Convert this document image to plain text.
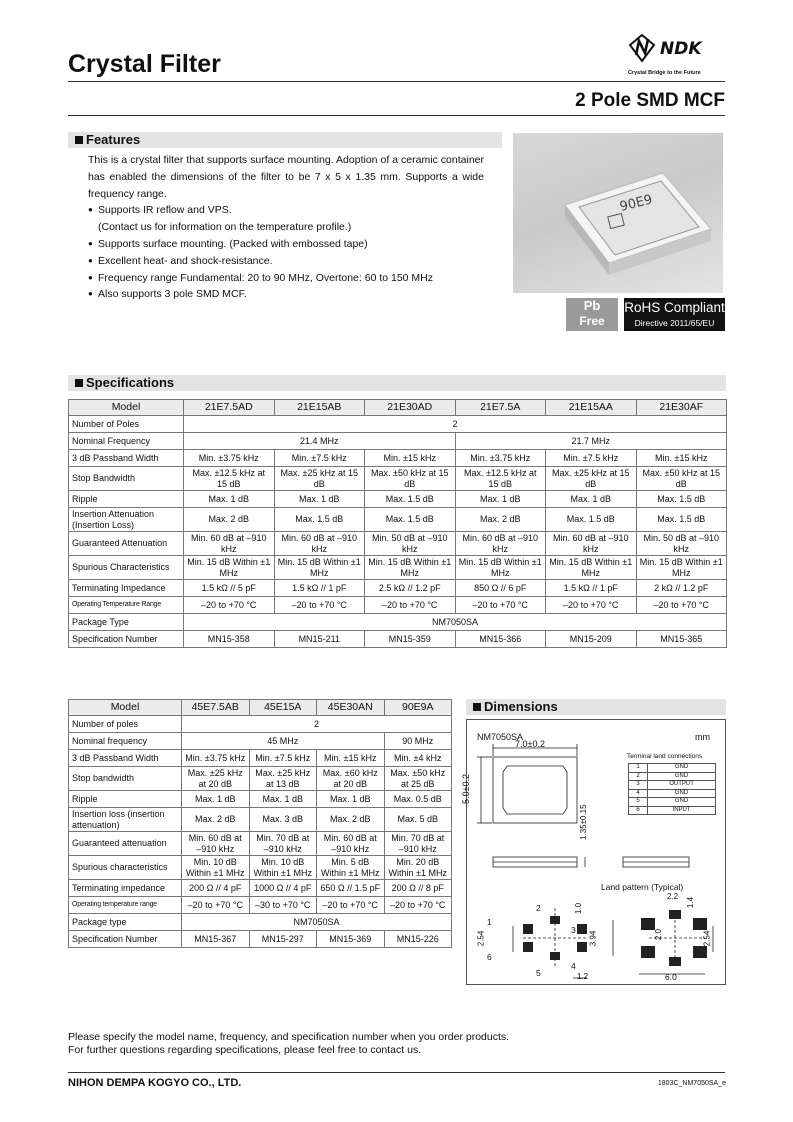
Crystal Filter
NDK
Crystal Bridge to the Future
2 Pole SMD MCF
Features

This is a crystal filter that supports surface mounting. Adoption of a ceramic container has enabled the dimensions of the filter to be 7 x 5 x 1.35 mm. Supports a wide frequency range.

● Supports IR reflow and VPS.
(Contact us for information on the temperature profile.)
● Supports surface mounting. (Packed with embossed tape)
● Excellent heat- and shock-resistance.
● Frequency range Fundamental: 20 to 90 MHz, Overtone: 60 to 150 MHz
● Also supports 3 pole SMD MCF.
90E9
Pb
Free
RoHS Compliant
Directive 2011/65/EU
Specifications
Model	21E7.5AD	21E15AB	21E30AD	21E7.5A	21E15AA	21E30AF
Number of Poles	2					
Nominal Frequency	21.4 MHz			21.7 MHz		
3 dB Passband Width	Min. ±3.75 kHz	Min. ±7.5 kHz	Min. ±15 kHz	Min. ±3.75 kHz	Min. ±7.5 kHz	Min. ±15 kHz
Stop Bandwidth	Max. ±12.5 kHz at 15 dB	Max. ±25 kHz at 15 dB	Max. ±50 kHz at 15 dB	Max. ±12.5 kHz at 15 dB	Max. ±25 kHz at 15 dB	Max. ±50 kHz at 15 dB
Ripple	Max. 1 dB	Max. 1 dB	Max. 1.5 dB	Max. 1 dB	Max. 1 dB	Max. 1.5 dB
Insertion Attenuation (Insertion Loss)	Max. 2 dB	Max. 1.5 dB	Max. 1.5 dB	Max. 2 dB	Max. 1.5 dB	Max. 1.5 dB
Guaranteed Attenuation	Min. 60 dB at –910 kHz	Min. 60 dB at –910 kHz	Min. 50 dB at –910 kHz	Min. 60 dB at –910 kHz	Min. 60 dB at –910 kHz	Min. 50 dB at –910 kHz
Spurious Characteristics	Min. 15 dB Within ±1 MHz	Min. 15 dB Within ±1 MHz	Min. 15 dB Within ±1 MHz	Min. 15 dB Within ±1 MHz	Min. 15 dB Within ±1 MHz	Min. 15 dB Within ±1 MHz
Terminating Impedance	1.5 kΩ // 5 pF	1.5 kΩ // 1 pF	2.5 kΩ // 1.2 pF	850 Ω // 6 pF	1.5 kΩ // 1 pF	2 kΩ // 1.2 pF
Operating Temperature Range	–20 to +70 °C	–20 to +70 °C	–20 to +70 °C	–20 to +70 °C	–20 to +70 °C	–20 to +70 °C
Package Type	NM7050SA					
Specification Number	MN15-358	MN15-211	MN15-359	MN15-366	MN15-209	MN15-365
Model	45E7.5AB	45E15A	45E30AN	90E9A
Number of poles	2			
Nominal frequency	45 MHz			90 MHz
3 dB Passband Width	Min. ±3.75 kHz	Min. ±7.5 kHz	Min. ±15 kHz	Min. ±4 kHz
Stop bandwidth	Max. ±25 kHz at 20 dB	Max. ±25 kHz at 13 dB	Max. ±60 kHz at 20 dB	Max. ±50 kHz at 25 dB
Ripple	Max. 1 dB	Max. 1 dB	Max. 1 dB	Max. 0.5 dB
Insertion loss (insertion attenuation)	Max. 2 dB	Max. 3 dB	Max. 2 dB	Max. 5 dB
Guaranteed attenuation	Min. 60 dB at –910 kHz	Min. 70 dB at –910 kHz	Min. 60 dB at –910 kHz	Min. 70 dB at –910 kHz
Spurious characteristics	Min. 10 dB Within ±1 MHz	Min. 10 dB Within ±1 MHz	Min. 5 dB Within ±1 MHz	Min. 20 dB Within ±1 MHz
Terminating impedance	200 Ω // 4 pF	1000 Ω // 4 pF	650 Ω // 1.5 pF	200 Ω // 8 pF
Operating temperature range	–20 to +70 °C	–30 to +70 °C	–20 to +70 °C	–20 to +70 °C
Package type	NM7050SA			
Specification Number	MN15-367	MN15-297	MN15-369	MN15-226
Dimensions
NM7050SA	mm
7.0±0.2
5.0±0.2
1.35±0.15
Terminal land connections
1	GND
2	GND
3	OUTPUT
4	GND
5	GND
6	INPUT
Land pattern (Typical)
1
2
3
4
5
6
2.54
1.0
3.94
1.2
2.2
1.4
2.0	2.54
6.0
Please specify the model name, frequency, and specification number when you order products.
For further questions regarding specifications, please feel free to contact us.
NIHON DEMPA KOGYO CO., LTD.	1803C_NM7050SA_e
